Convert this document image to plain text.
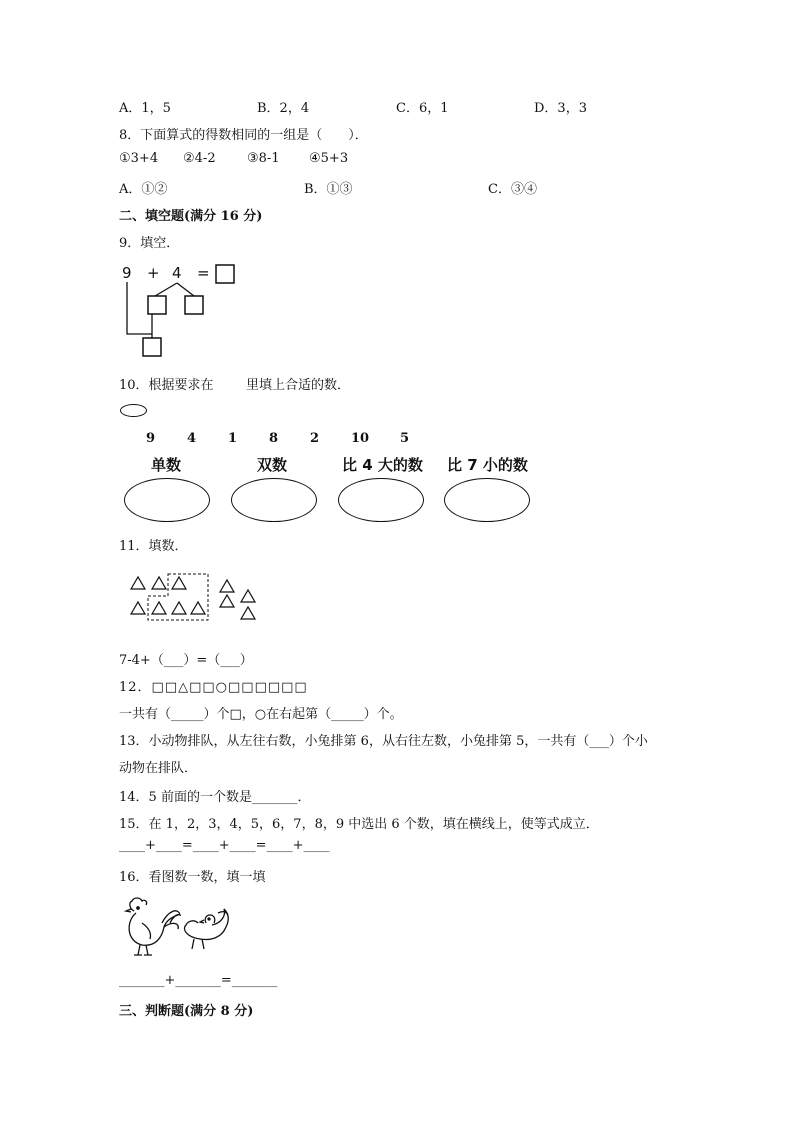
A．1，5	B．2，4	C．6，1	D．3，3
8．下面算式的得数相同的一组是（　　）．
①3+4 ②4-2 ③8-1 ④5+3
A．①②	B．①③	C．③④
二、填空题(满分 16 分)
9．填空．
9 + 4 =
10．根据要求在 里填上合适的数．
9 4 1 8 2 10 5
单数	双数	比 4 大的数 比 7 小的数
11．填数．
7-4+（___）=（___）
12．□□△□□○□□□□□□
一共有（_____）个□，○在右起第（_____）个。
13．小动物排队，从左往右数，小兔排第 6，从右往左数，小兔排第 5，一共有（___）个小
动物在排队．
14．5 前面的一个数是_______．
15．在 1，2，3，4，5，6，7，8，9 中选出 6 个数，填在横线上，使等式成立．
____+____=____+____=____+____
16．看图数一数，填一填
_______+_______=_______
三、判断题(满分 8 分)
